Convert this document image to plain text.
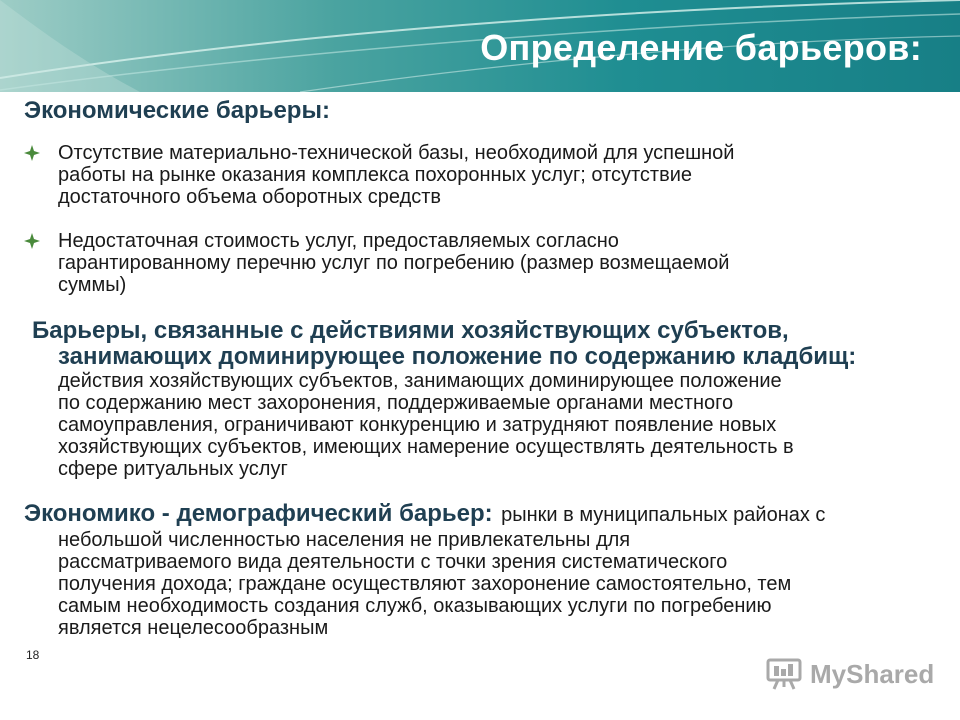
Определение барьеров:
Экономические барьеры:
Отсутствие материально-технической базы, необходимой для успешной
работы на рынке оказания комплекса похоронных услуг; отсутствие
достаточного объема оборотных средств
Недостаточная стоимость услуг, предоставляемых согласно
гарантированному перечню услуг по погребению (размер возмещаемой
суммы)
Барьеры, связанные с действиями хозяйствующих субъектов,
занимающих доминирующее положение по содержанию кладбищ:
действия хозяйствующих субъектов, занимающих доминирующее положение
по содержанию мест захоронения, поддерживаемые органами местного
самоуправления, ограничивают конкуренцию и затрудняют появление новых
хозяйствующих субъектов, имеющих намерение осуществлять деятельность в
сфере ритуальных услуг
Экономико - демографический барьер: рынки в муниципальных районах с
небольшой численностью населения не привлекательны для
рассматриваемого вида деятельности с точки зрения систематического
получения дохода; граждане осуществляют захоронение самостоятельно, тем
самым необходимость создания служб, оказывающих услуги по погребению
является нецелесообразным
18
MyShared
